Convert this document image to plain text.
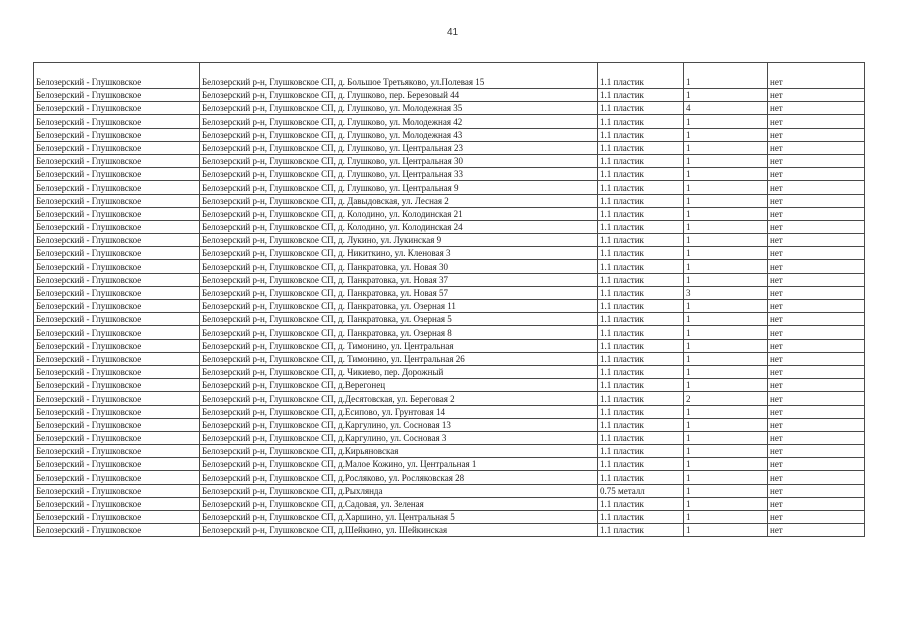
41
Белозерский - Глушковское	Белозерский р-н, Глушковское СП, д. Большое Третьяково, ул.Полевая 15	1.1 пластик	1	нет
Белозерский - Глушковское	Белозерский р-н, Глушковское СП, д. Глушково, пер. Березовый 44	1.1 пластик	1	нет
Белозерский - Глушковское	Белозерский р-н, Глушковское СП, д. Глушково, ул. Молодежная 35	1.1 пластик	4	нет
Белозерский - Глушковское	Белозерский р-н, Глушковское СП, д. Глушково, ул. Молодежная 42	1.1 пластик	1	нет
Белозерский - Глушковское	Белозерский р-н, Глушковское СП, д. Глушково, ул. Молодежная 43	1.1 пластик	1	нет
Белозерский - Глушковское	Белозерский р-н, Глушковское СП, д. Глушково, ул. Центральная 23	1.1 пластик	1	нет
Белозерский - Глушковское	Белозерский р-н, Глушковское СП, д. Глушково, ул. Центральная 30	1.1 пластик	1	нет
Белозерский - Глушковское	Белозерский р-н, Глушковское СП, д. Глушково, ул. Центральная 33	1.1 пластик	1	нет
Белозерский - Глушковское	Белозерский р-н, Глушковское СП, д. Глушково, ул. Центральная 9	1.1 пластик	1	нет
Белозерский - Глушковское	Белозерский р-н, Глушковское СП, д. Давыдовская, ул. Лесная 2	1.1 пластик	1	нет
Белозерский - Глушковское	Белозерский р-н, Глушковское СП, д. Колодино, ул. Колодинская 21	1.1 пластик	1	нет
Белозерский - Глушковское	Белозерский р-н, Глушковское СП, д. Колодино, ул. Колодинская 24	1.1 пластик	1	нет
Белозерский - Глушковское	Белозерский р-н, Глушковское СП, д. Лукино, ул. Лукинская 9	1.1 пластик	1	нет
Белозерский - Глушковское	Белозерский р-н, Глушковское СП, д. Никиткино, ул. Кленовая 3	1.1 пластик	1	нет
Белозерский - Глушковское	Белозерский р-н, Глушковское СП, д. Панкратовка, ул. Новая 30	1.1 пластик	1	нет
Белозерский - Глушковское	Белозерский р-н, Глушковское СП, д. Панкратовка, ул. Новая 37	1.1 пластик	1	нет
Белозерский - Глушковское	Белозерский р-н, Глушковское СП, д. Панкратовка, ул. Новая 57	1.1 пластик	3	нет
Белозерский - Глушковское	Белозерский р-н, Глушковское СП, д. Панкратовка, ул. Озерная 11	1.1 пластик	1	нет
Белозерский - Глушковское	Белозерский р-н, Глушковское СП, д. Панкратовка, ул. Озерная 5	1.1 пластик	1	нет
Белозерский - Глушковское	Белозерский р-н, Глушковское СП, д. Панкратовка, ул. Озерная 8	1.1 пластик	1	нет
Белозерский - Глушковское	Белозерский р-н, Глушковское СП, д. Тимонино, ул. Центральная	1.1 пластик	1	нет
Белозерский - Глушковское	Белозерский р-н, Глушковское СП, д. Тимонино, ул. Центральная 26	1.1 пластик	1	нет
Белозерский - Глушковское	Белозерский р-н, Глушковское СП, д. Чикиево, пер. Дорожный	1.1 пластик	1	нет
Белозерский - Глушковское	Белозерский р-н, Глушковское СП, д.Верегонец	1.1 пластик	1	нет
Белозерский - Глушковское	Белозерский р-н, Глушковское СП, д.Десятовская, ул. Береговая 2	1.1 пластик	2	нет
Белозерский - Глушковское	Белозерский р-н, Глушковское СП, д.Есипово, ул. Грунтовая 14	1.1 пластик	1	нет
Белозерский - Глушковское	Белозерский р-н, Глушковское СП, д.Каргулино, ул. Сосновая 13	1.1 пластик	1	нет
Белозерский - Глушковское	Белозерский р-н, Глушковское СП, д.Каргулино, ул. Сосновая 3	1.1 пластик	1	нет
Белозерский - Глушковское	Белозерский р-н, Глушковское СП, д.Кирьяновская	1.1 пластик	1	нет
Белозерский - Глушковское	Белозерский р-н, Глушковское СП, д.Малое Кожино, ул. Центральная 1	1.1 пластик	1	нет
Белозерский - Глушковское	Белозерский р-н, Глушковское СП, д.Росляково, ул. Росляковская 28	1.1 пластик	1	нет
Белозерский - Глушковское	Белозерский р-н, Глушковское СП, д.Рыхлянда	0.75 металл	1	нет
Белозерский - Глушковское	Белозерский р-н, Глушковское СП, д.Садовая, ул. Зеленая	1.1 пластик	1	нет
Белозерский - Глушковское	Белозерский р-н, Глушковское СП, д.Харшино, ул. Центральная 5	1.1 пластик	1	нет
Белозерский - Глушковское	Белозерский р-н, Глушковское СП, д.Шейкино, ул. Шейкинская	1.1 пластик	1	нет
